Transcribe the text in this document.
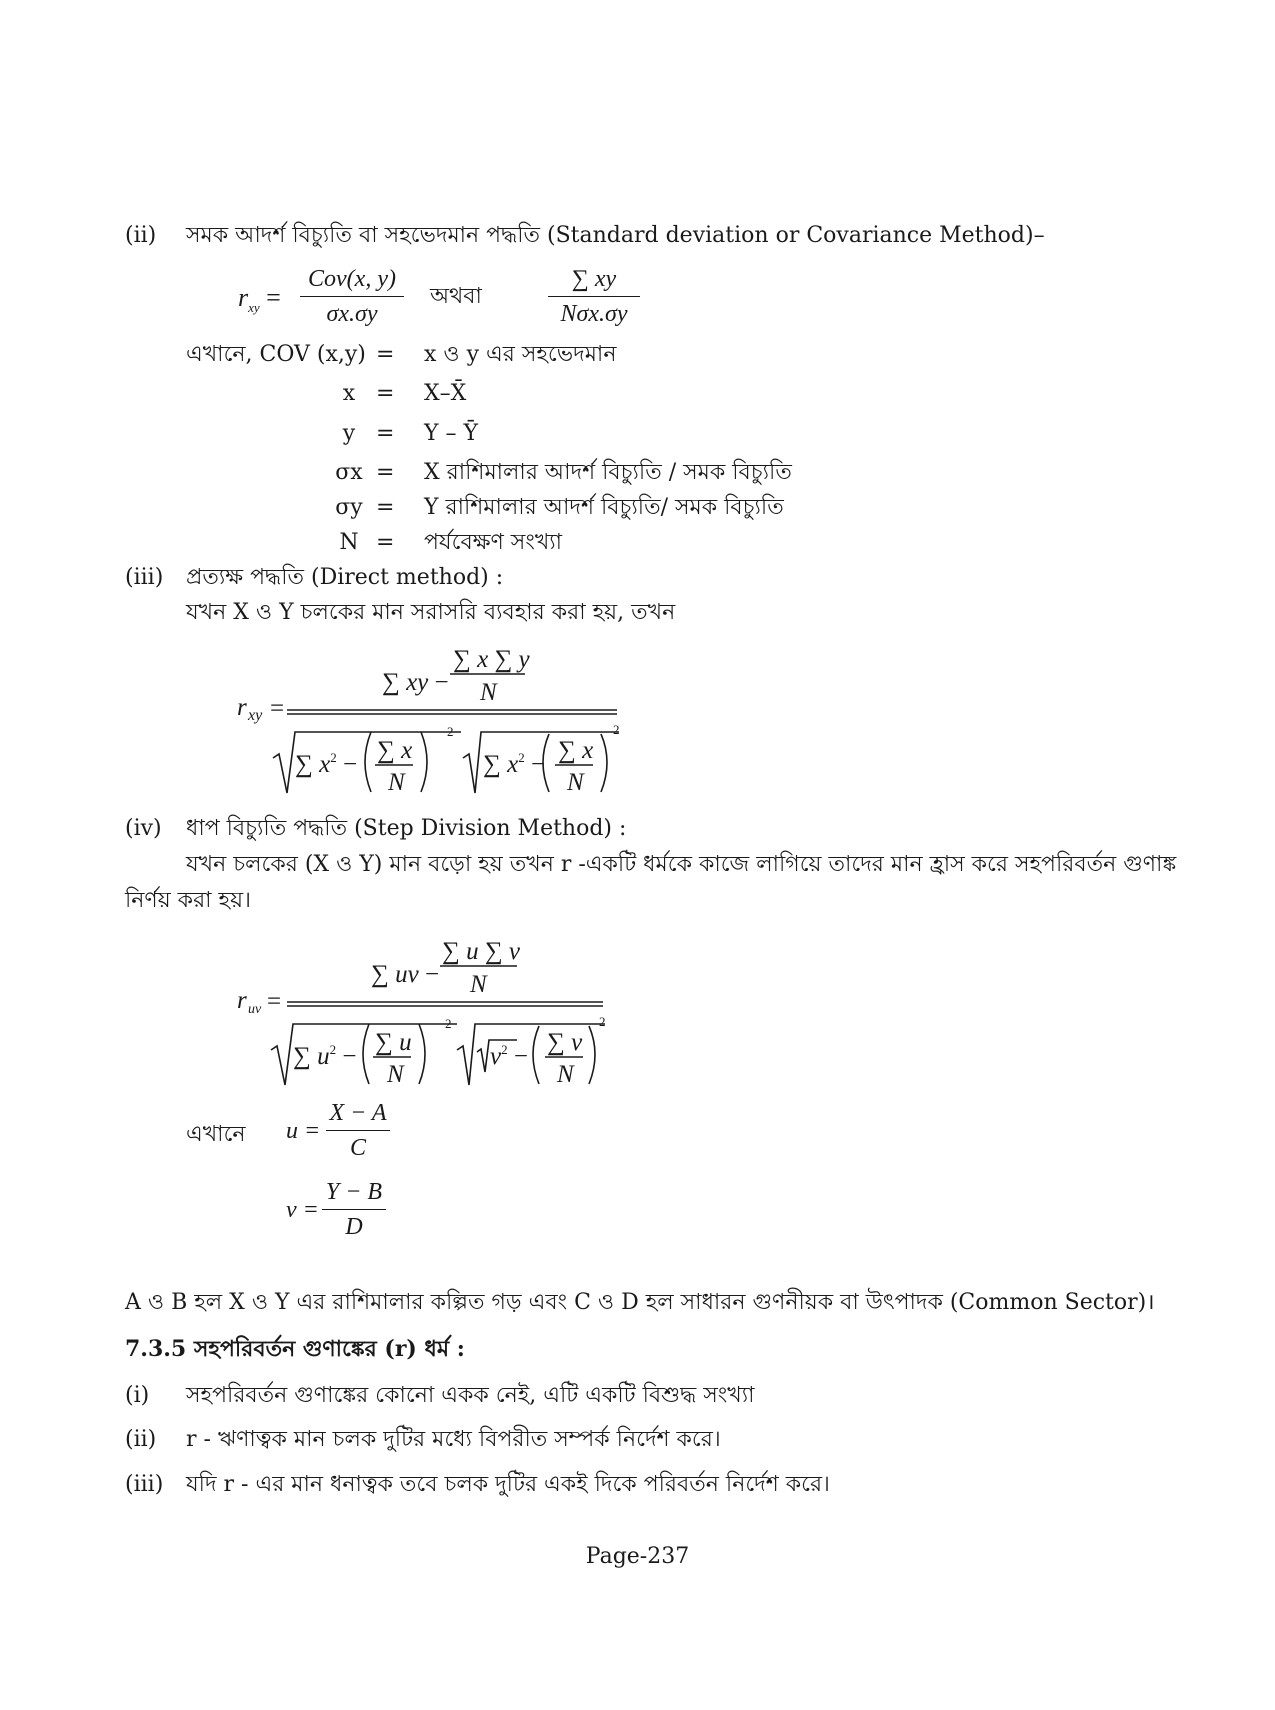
(ii) সমক আদর্শ বিচ্যুতি বা সহভেদমান পদ্ধতি (Standard deviation or Covariance Method)–
$r_{xy}$ =
Cov(x, y)
σx.σy
অথবা
∑ xy
Nσx.σy
এখানে, COV (x,y)
x
y
σx
σy
N
=
=
=
=
=
=
x ও y এর সহভেদমান
X–X̄
Y – Ȳ
X রাশিমালার আদর্শ বিচ্যুতি / সমক বিচ্যুতি
Y রাশিমালার আদর্শ বিচ্যুতি/ সমক বিচ্যুতি
পর্যবেক্ষণ সংখ্যা
(iii) প্রত্যক্ষ পদ্ধতি (Direct method) :
যখন X ও Y চলকের মান সরাসরি ব্যবহার করা হয়, তখন
r xy =
∑ xy −
∑ x ∑ y
N
∑ $x^2$ −
∑ x
N
2
∑ $x^2$ −
∑ x
N
2
(iv) ধাপ বিচ্যুতি পদ্ধতি (Step Division Method) :
যখন চলকের (X ও Y) মান বড়ো হয় তখন r -একটি ধর্মকে কাজে লাগিয়ে তাদের মান হ্রাস করে সহপরিবর্তন গুণাঙ্ক
নির্ণয় করা হয়।
r uv =
∑ uv −
∑ u ∑ v
N
∑ $u^2$ −
∑ u
N
2
$v^2$ −
∑ v
N
2
এখানে u =
X − A
C
v =
Y − B
D
A ও B হল X ও Y এর রাশিমালার কল্পিত গড় এবং C ও D হল সাধারন গুণনীয়ক বা উৎপাদক (Common Sector)।
7.3.5 সহপরিবর্তন গুণাঙ্কের (r) ধর্ম :
(i) সহপরিবর্তন গুণাঙ্কের কোনো একক নেই, এটি একটি বিশুদ্ধ সংখ্যা
(ii) r - ঋণাত্বক মান চলক দুটির মধ্যে বিপরীত সম্পর্ক নির্দেশ করে।
(iii) যদি r - এর মান ধনাত্বক তবে চলক দুটির একই দিকে পরিবর্তন নির্দেশ করে।
Page-237
